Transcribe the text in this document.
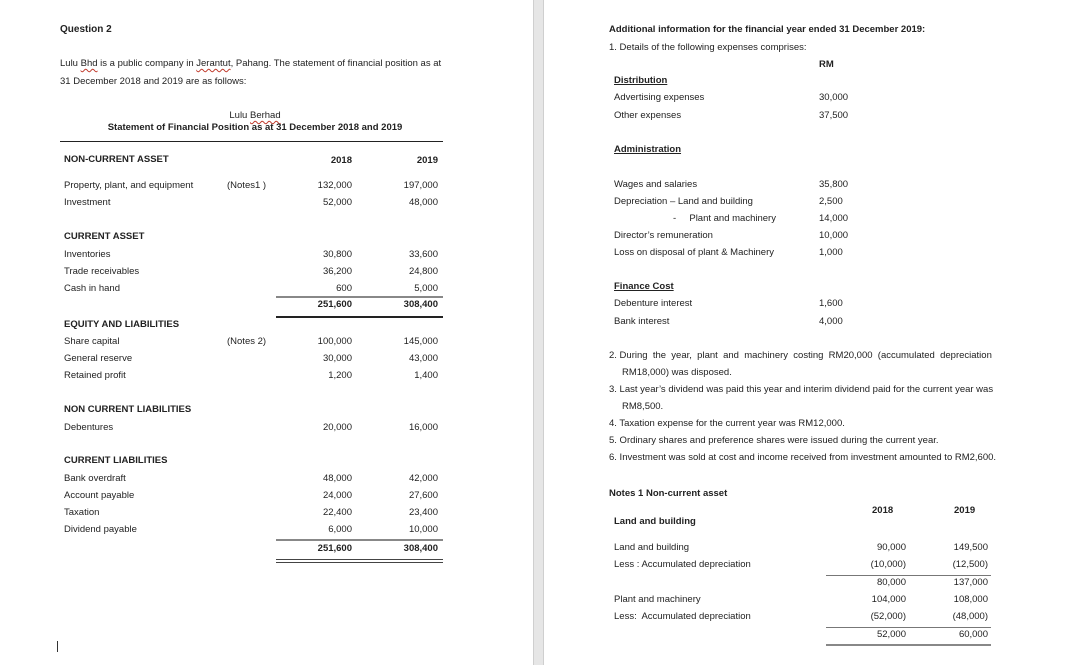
Question 2
Lulu Bhd is a public company in Jerantut, Pahang. The statement of financial position as at
31 December 2018 and 2019 are as follows:
Lulu Berhad
Statement of Financial Position as at 31 December 2018 and 2019
NON-CURRENT ASSET	2018	2019
Property, plant, and equipment	(Notes1 )	132,000	197,000
Investment	52,000	48,000
CURRENT ASSET
Inventories	30,800	33,600
Trade receivables	36,200	24,800
Cash in hand	600	5,000
251,600	308,400
EQUITY AND LIABILITIES
Share capital	(Notes 2)	100,000	145,000
General reserve	30,000	43,000
Retained profit	1,200	1,400
NON CURRENT LIABILITIES
Debentures	20,000	16,000
CURRENT LIABILITIES
Bank overdraft	48,000	42,000
Account payable	24,000	27,600
Taxation	22,400	23,400
Dividend payable	6,000	10,000
251,600	308,400
Additional information for the financial year ended 31 December 2019:
1. Details of the following expenses comprises:
RM
Distribution
Advertising expenses	30,000
Other expenses	37,500
Administration
Wages and salaries	35,800
Depreciation – Land and building	2,500
-     Plant and machinery	14,000
Director’s remuneration	10,000
Loss on disposal of plant & Machinery	1,000
Finance Cost
Debenture interest	1,600
Bank interest	4,000
2. During  the  year,  plant  and  machinery  costing  RM20,000  (accumulated  depreciation
RM18,000) was disposed.
3. Last year’s dividend was paid this year and interim dividend paid for the current year was
RM8,500.
4. Taxation expense for the current year was RM12,000.
5. Ordinary shares and preference shares were issued during the current year.
6. Investment was sold at cost and income received from investment amounted to RM2,600.
Notes 1 Non-current asset
2018	2019
Land and building
Land and building	90,000	149,500
Less : Accumulated depreciation	(10,000)	(12,500)
80,000	137,000
Plant and machinery	104,000	108,000
Less:  Accumulated depreciation	(52,000)	(48,000)
52,000	60,000
